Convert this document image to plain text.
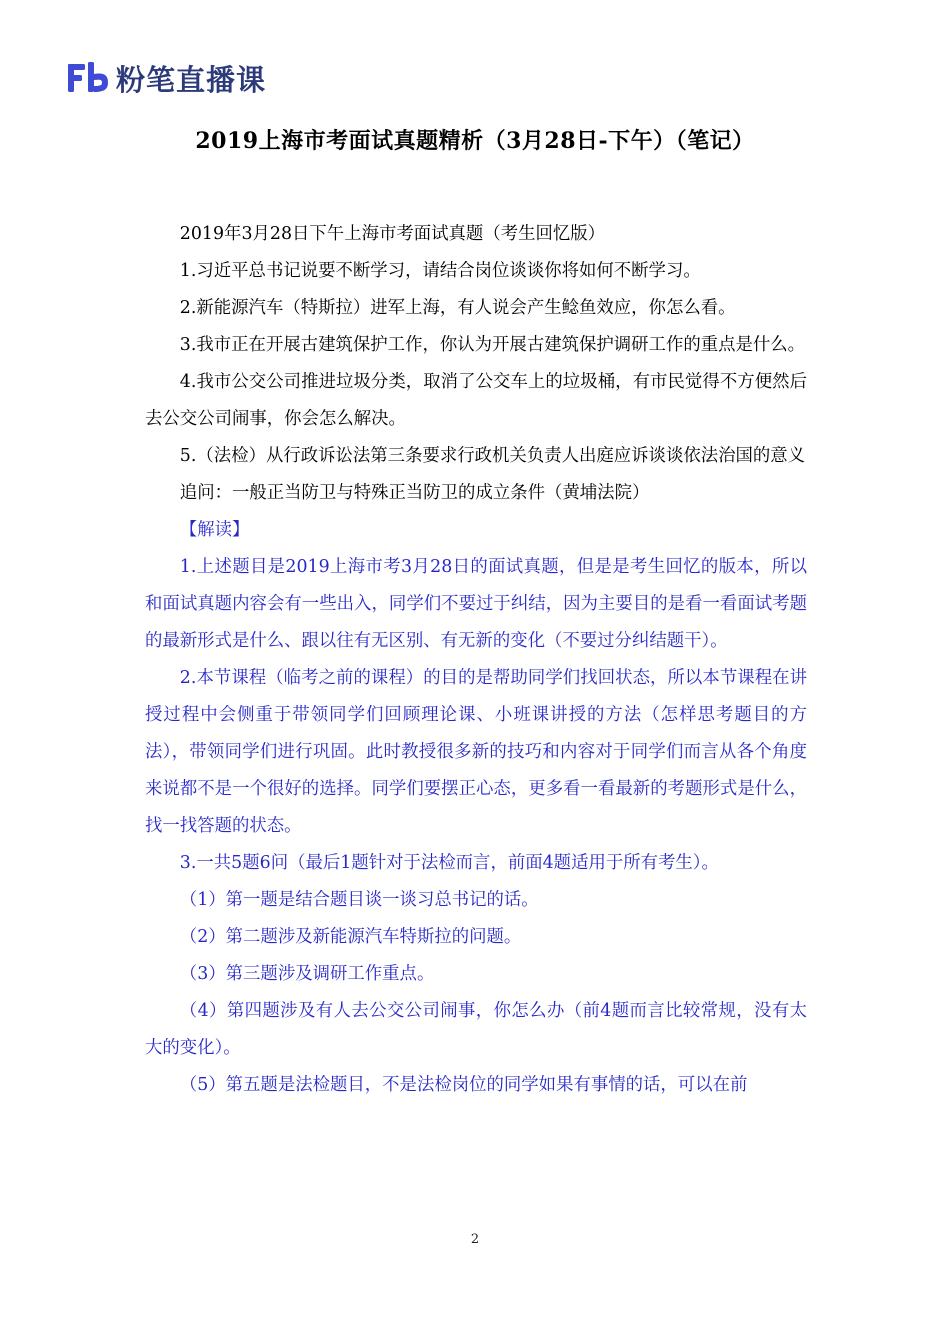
粉笔直播课
2019上海市考面试真题精析（3月28日-下午）（笔记）

2019年3月28日下午上海市考面试真题（考生回忆版）

1.习近平总书记说要不断学习，请结合岗位谈谈你将如何不断学习。

2.新能源汽车（特斯拉）进军上海，有人说会产生鲶鱼效应，你怎么看。

3.我市正在开展古建筑保护工作，你认为开展古建筑保护调研工作的重点是什么。

4.我市公交公司推进垃圾分类，取消了公交车上的垃圾桶，有市民觉得不方便然后去公交公司闹事，你会怎么解决。

5.（法检）从行政诉讼法第三条要求行政机关负责人出庭应诉谈谈依法治国的意义

追问：一般正当防卫与特殊正当防卫的成立条件（黄埔法院）

【解读】

1.上述题目是2019上海市考3月28日的面试真题，但是是考生回忆的版本，所以和面试真题内容会有一些出入，同学们不要过于纠结，因为主要目的是看一看面试考题的最新形式是什么、跟以往有无区别、有无新的变化（不要过分纠结题干）。

2.本节课程（临考之前的课程）的目的是帮助同学们找回状态，所以本节课程在讲授过程中会侧重于带领同学们回顾理论课、小班课讲授的方法（怎样思考题目的方法），带领同学们进行巩固。此时教授很多新的技巧和内容对于同学们而言从各个角度来说都不是一个很好的选择。同学们要摆正心态，更多看一看最新的考题形式是什么，找一找答题的状态。

3.一共5题6问（最后1题针对于法检而言，前面4题适用于所有考生）。

（1）第一题是结合题目谈一谈习总书记的话。

（2）第二题涉及新能源汽车特斯拉的问题。

（3）第三题涉及调研工作重点。

（4）第四题涉及有人去公交公司闹事，你怎么办（前4题而言比较常规，没有太大的变化）。

（5）第五题是法检题目，不是法检岗位的同学如果有事情的话，可以在前

2
